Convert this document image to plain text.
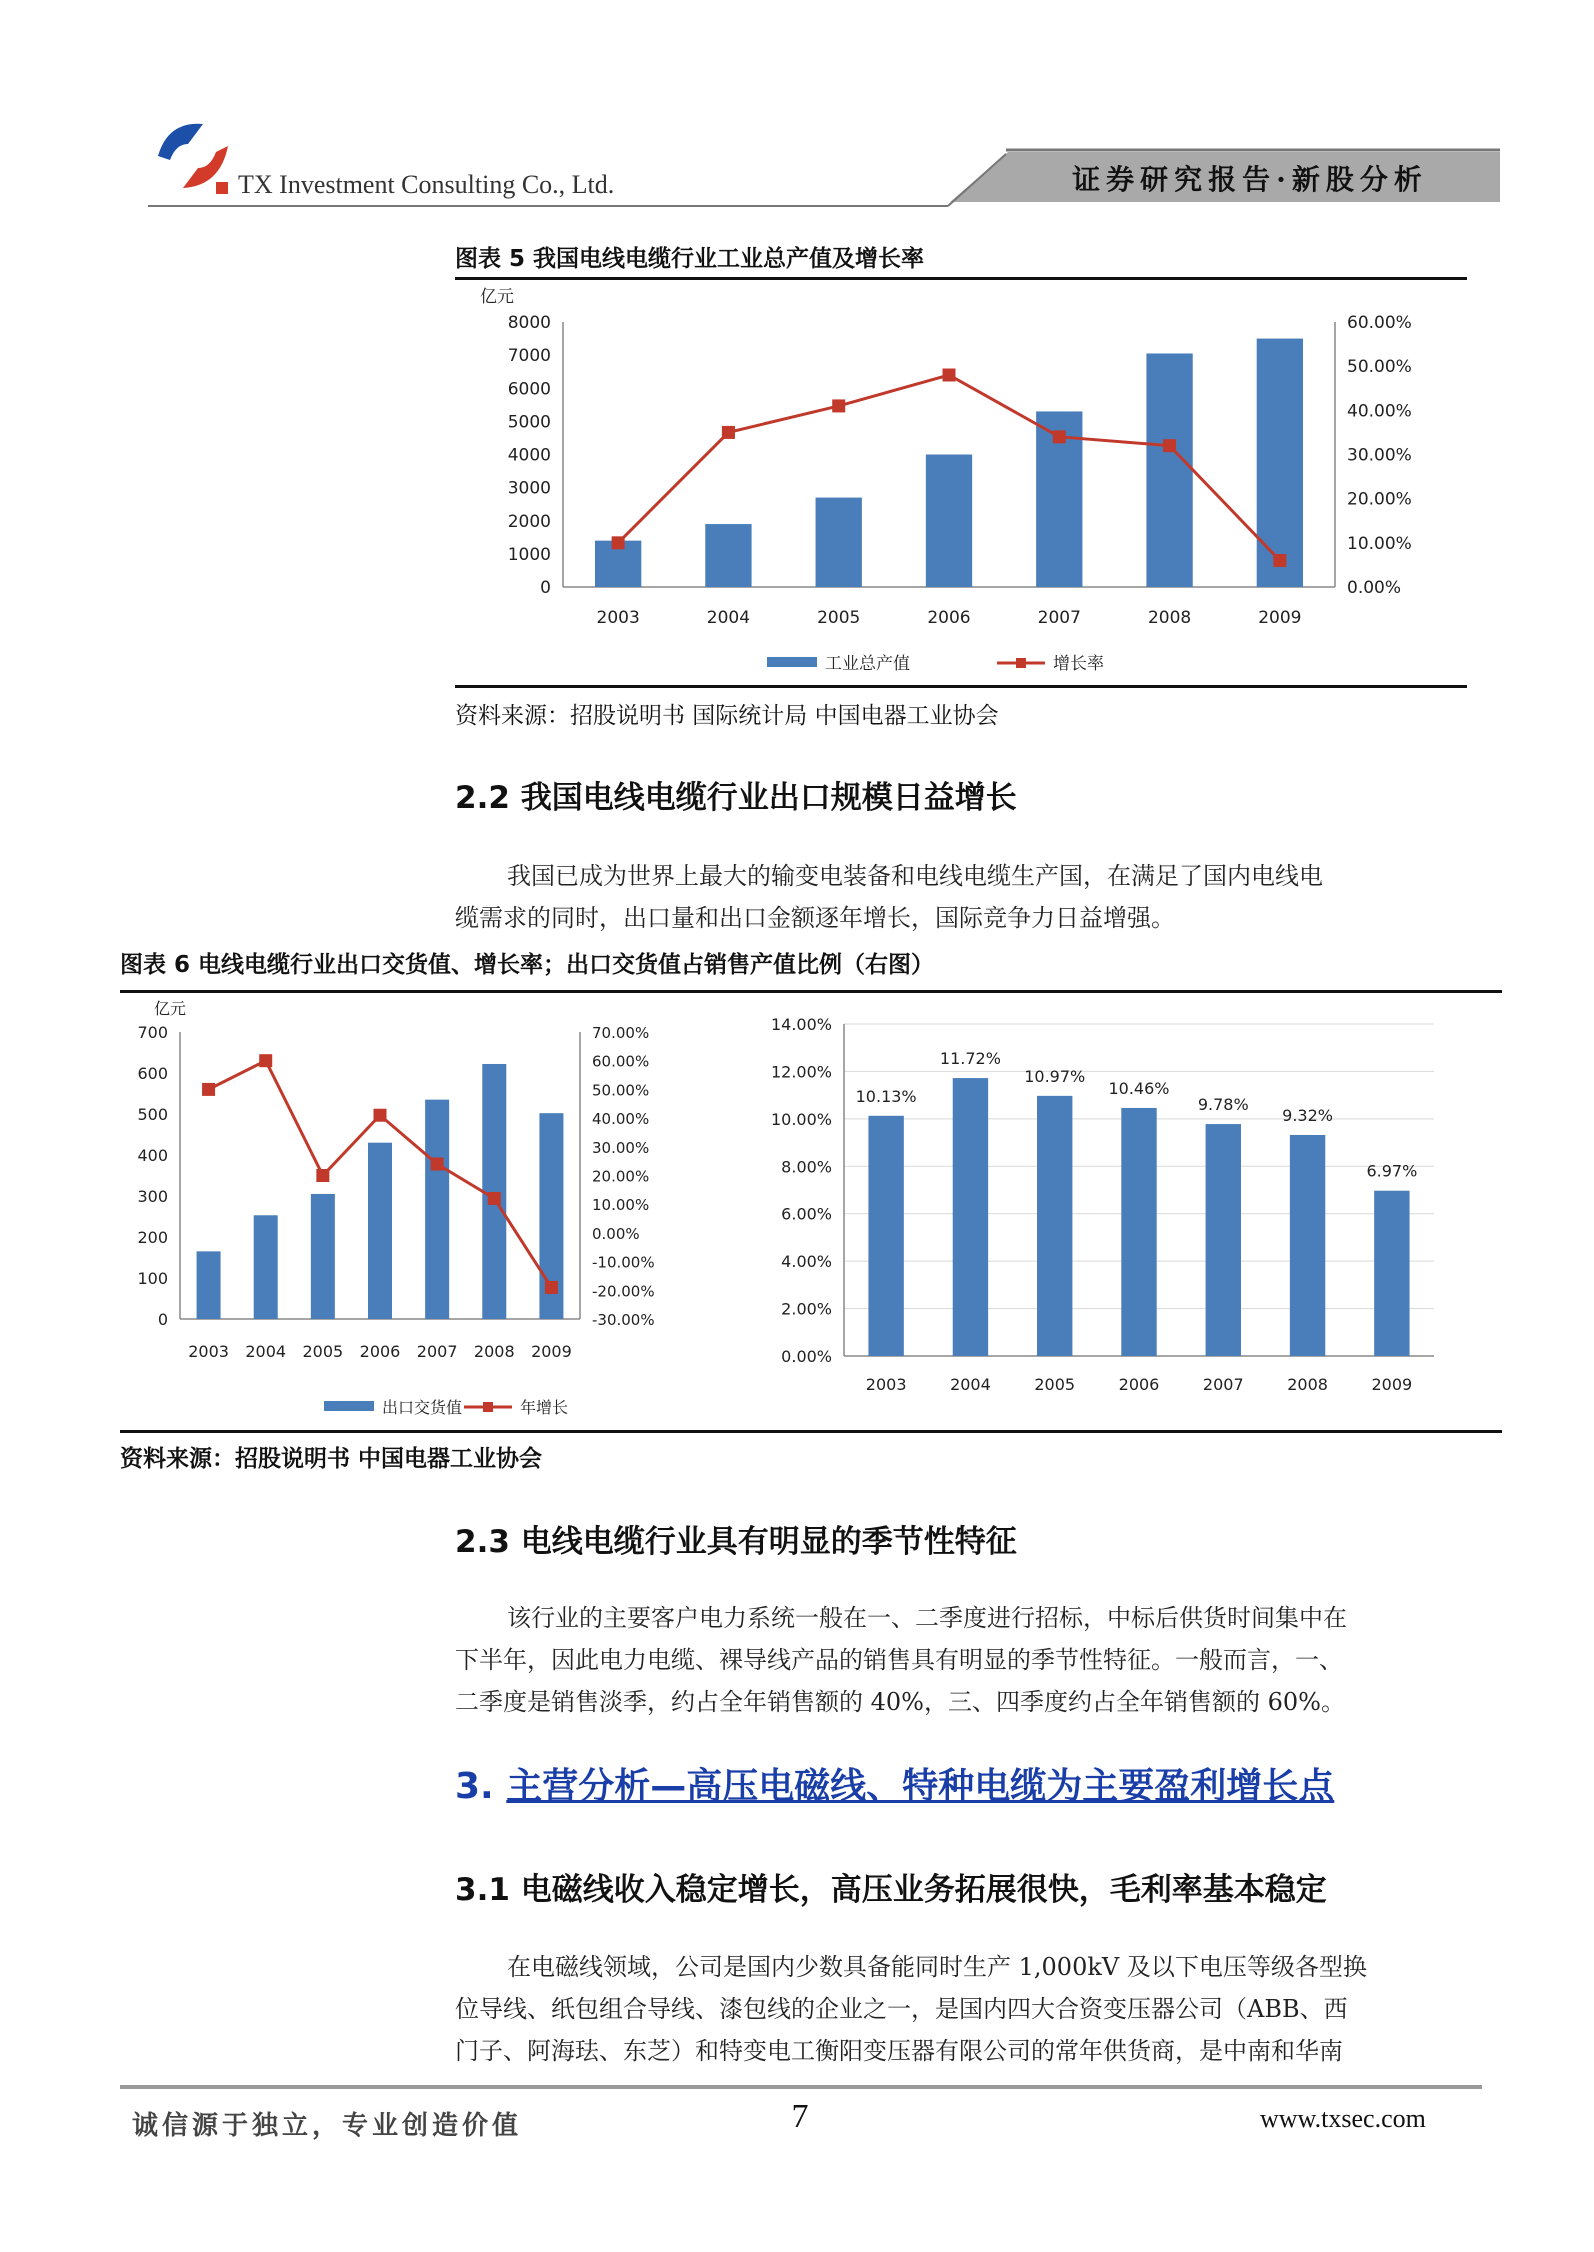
TX Investment Consulting Co., Ltd.	证券研究报告·新股分析
图表 5 我国电线电缆行业工业总产值及增长率
0
1000
2000
3000
4000
5000
6000
7000
8000
0.00%
10.00%
20.00%
30.00%
40.00%
50.00%
60.00%
亿元
2003	2004	2005	2006	2007	2008	2009
工业总产值	增长率
资料来源：招股说明书 国际统计局 中国电器工业协会
2.2 我国电线电缆行业出口规模日益增长
我国已成为世界上最大的输变电装备和电线电缆生产国，在满足了国内电线电
缆需求的同时，出口量和出口金额逐年增长，国际竞争力日益增强。
图表 6 电线电缆行业出口交货值、增长率；出口交货值占销售产值比例（右图）
0
100
200
300
400
500
600
700
-30.00%
-20.00%
-10.00%
0.00%
10.00%
20.00%
30.00%
40.00%
50.00%
60.00%
70.00%
亿元
2003 2004 2005 2006 2007 2008 2009
出口交货值	年增长
0.00%
2.00%
4.00%
6.00%
8.00%
10.00%
12.00%
14.00%
10.13%
2003
11.72%
2004
10.97%
2005
10.46%
2006
9.78%
2007
9.32%
2008
6.97%
2009
资料来源：招股说明书 中国电器工业协会
2.3 电线电缆行业具有明显的季节性特征
该行业的主要客户电力系统一般在一、二季度进行招标，中标后供货时间集中在
下半年，因此电力电缆、裸导线产品的销售具有明显的季节性特征。一般而言，一、
二季度是销售淡季，约占全年销售额的 40%，三、四季度约占全年销售额的 60%。
3. 主营分析—高压电磁线、特种电缆为主要盈利增长点
3.1 电磁线收入稳定增长，高压业务拓展很快，毛利率基本稳定
在电磁线领域，公司是国内少数具备能同时生产 1,000kV 及以下电压等级各型换
位导线、纸包组合导线、漆包线的企业之一，是国内四大合资变压器公司（ABB、西
门子、阿海珐、东芝）和特变电工衡阳变压器有限公司的常年供货商，是中南和华南
诚信源于独立，专业创造价值	7	www.txsec.com
